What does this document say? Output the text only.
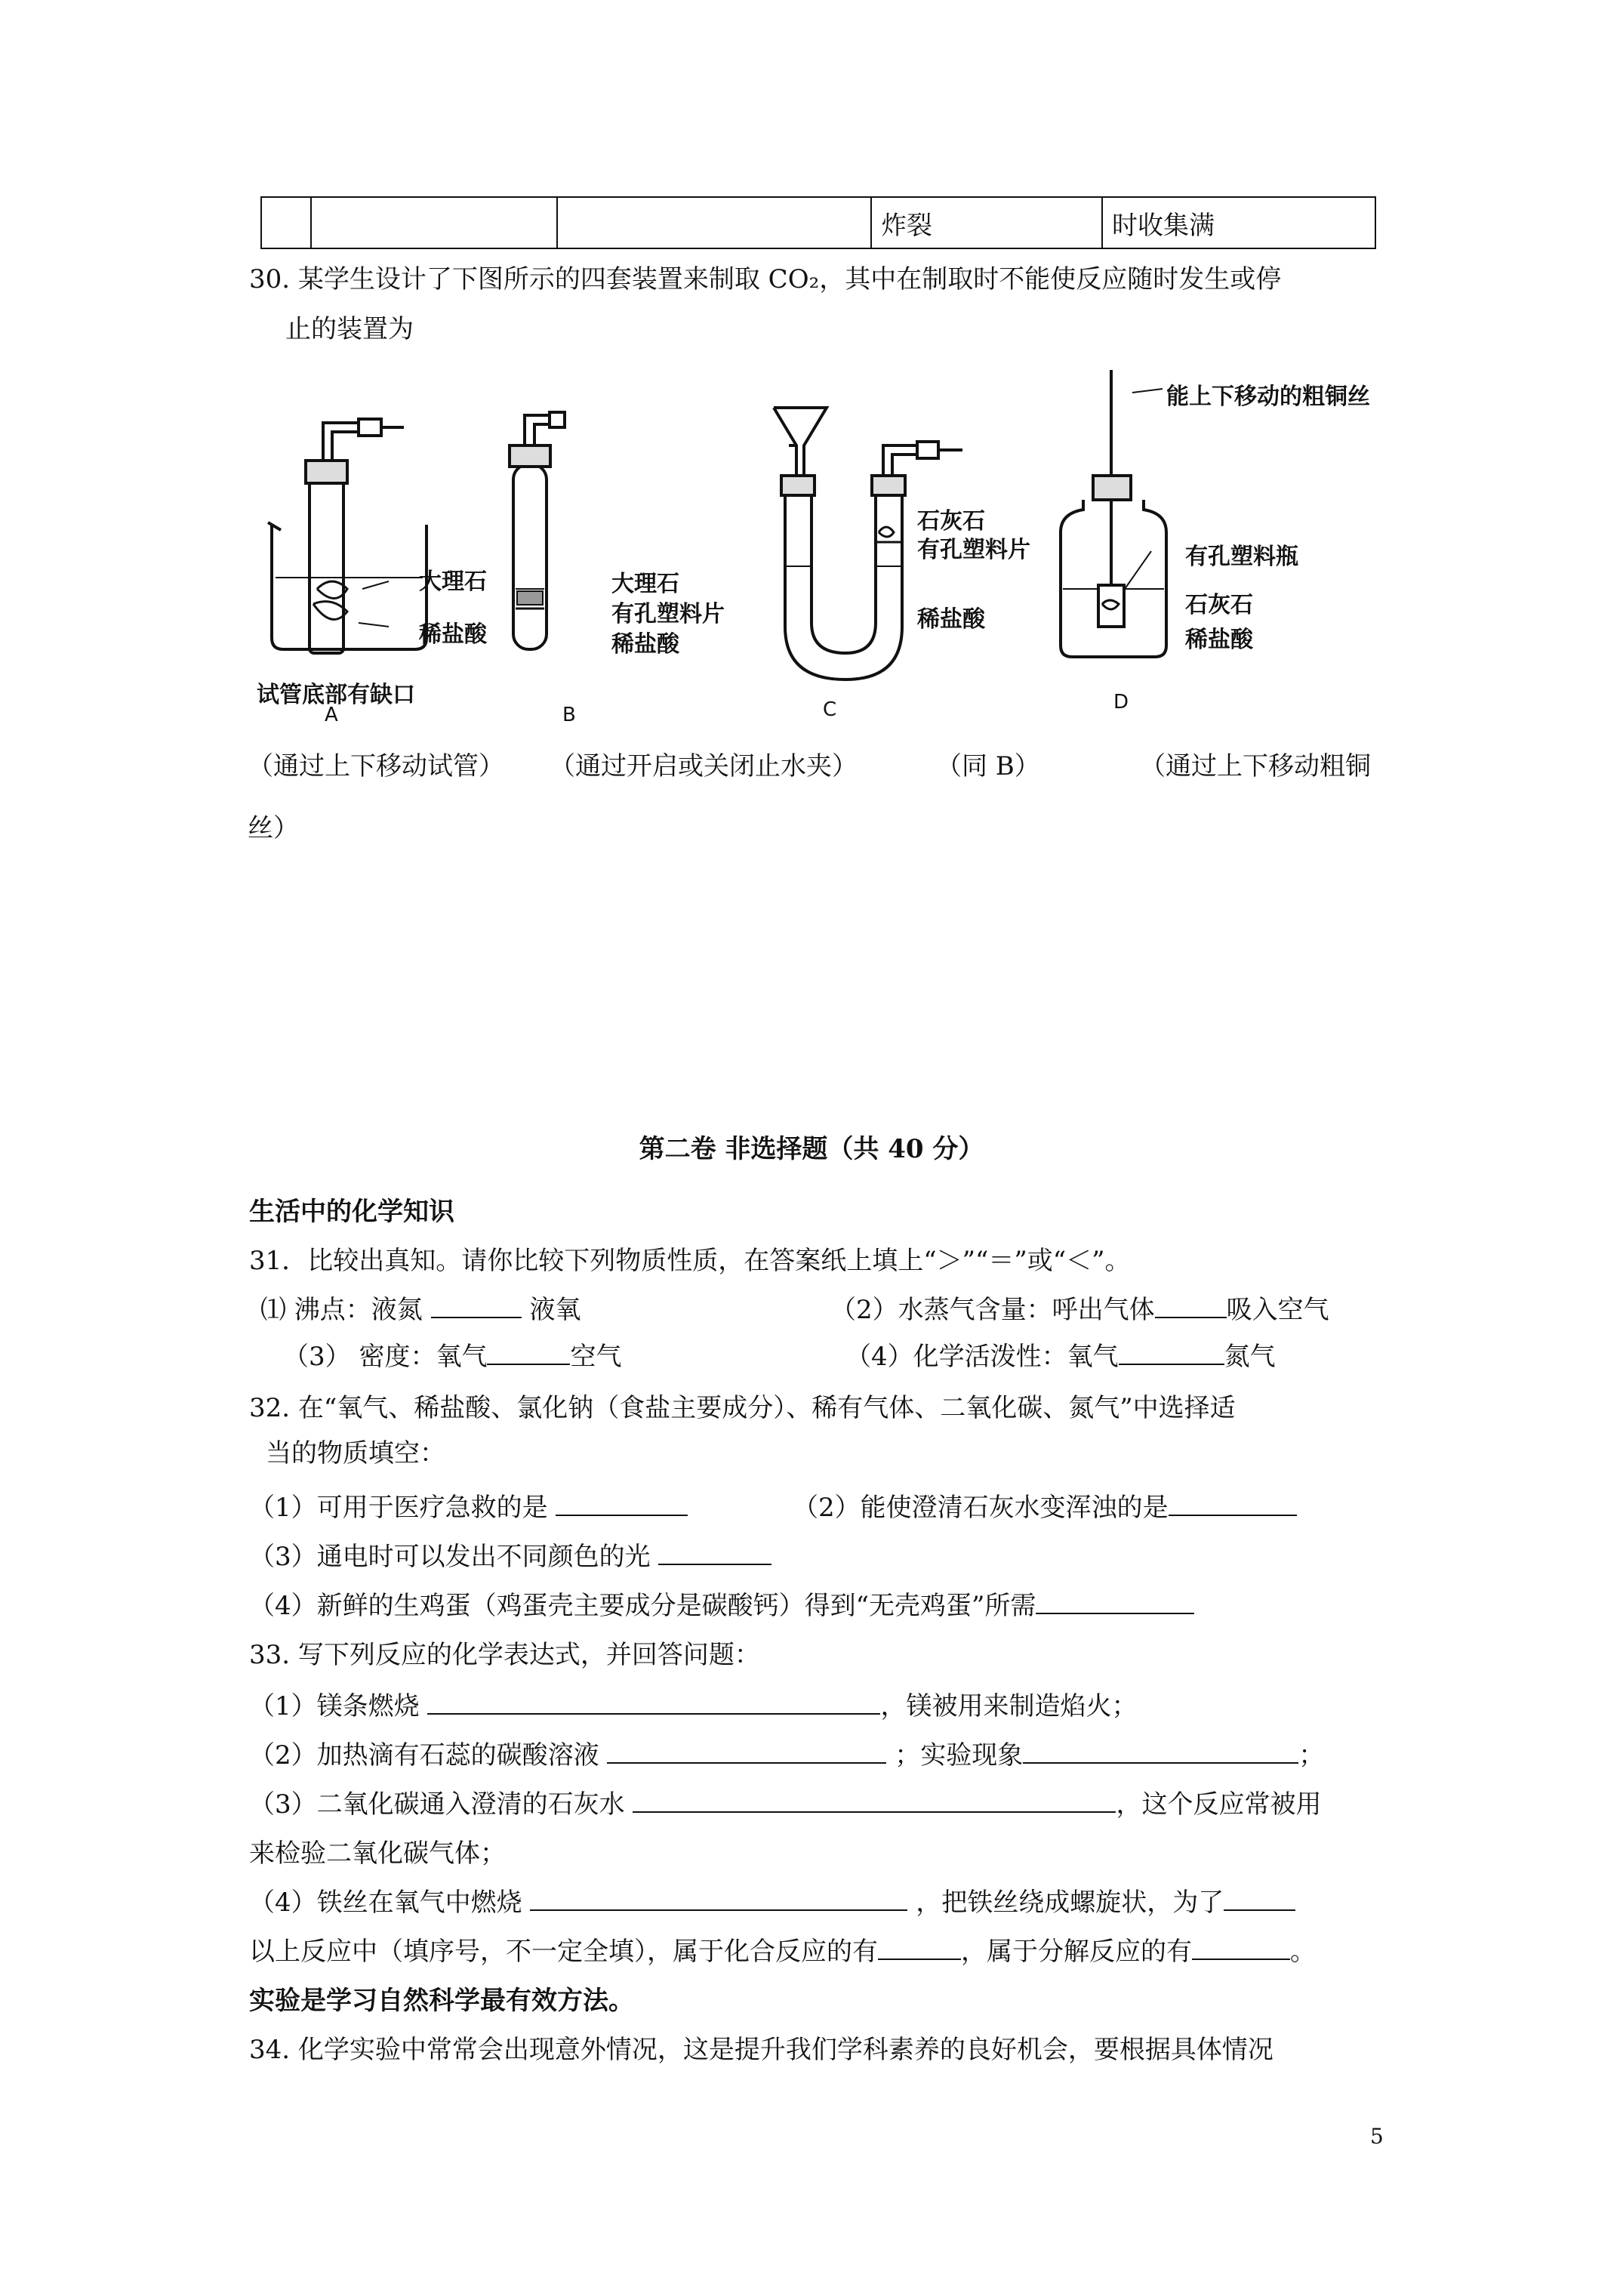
			炸裂	时收集满
30. 某学生设计了下图所示的四套装置来制取 CO₂，其中在制取时不能使反应随时发生或停
止的装置为
大理石
稀盐酸
试管底部有缺口
A
大理石
有孔塑料片
稀盐酸
B
石灰石
有孔塑料片
稀盐酸
C
能上下移动的粗铜丝
有孔塑料瓶
石灰石
稀盐酸
D
（通过上下移动试管） （通过开启或关闭止水夹）	（同 B）	（通过上下移动粗铜
丝）
第二卷 非选择题（共 40 分）
生活中的化学知识
31．比较出真知。请你比较下列物质性质，在答案纸上填上“＞”“＝”或“＜”。
⑴ 沸点：液氮	液氧	（2）水蒸气含量：呼出气体	吸入空气
（3） 密度：氧气	空气	（4）化学活泼性：氧气	氮气
32. 在“氧气、稀盐酸、氯化钠（食盐主要成分）、稀有气体、二氧化碳、氮气”中选择适
当的物质填空：
（1）可用于医疗急救的是	（2）能使澄清石灰水变浑浊的是
（3）通电时可以发出不同颜色的光
（4）新鲜的生鸡蛋（鸡蛋壳主要成分是碳酸钙）得到“无壳鸡蛋”所需
33. 写下列反应的化学表达式，并回答问题：
（1）镁条燃烧	，镁被用来制造焰火；
（2）加热滴有石蕊的碳酸溶液	；实验现象	；
（3）二氧化碳通入澄清的石灰水	，这个反应常被用
来检验二氧化碳气体；
（4）铁丝在氧气中燃烧	，把铁丝绕成螺旋状，为了
以上反应中（填序号，不一定全填），属于化合反应的有	，属于分解反应的有	。
实验是学习自然科学最有效方法。
34. 化学实验中常常会出现意外情况，这是提升我们学科素养的良好机会，要根据具体情况
5
